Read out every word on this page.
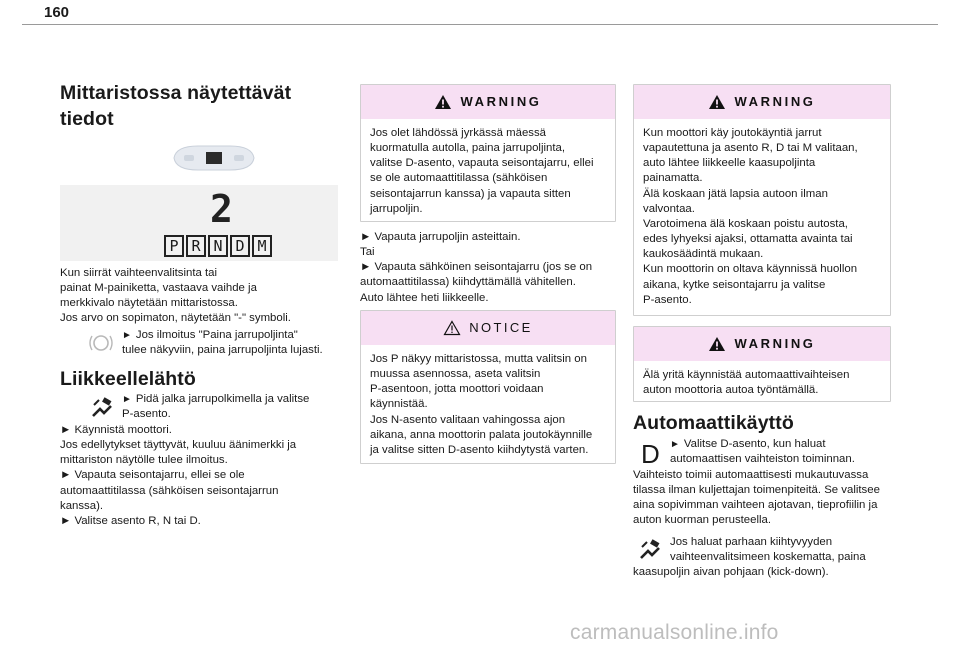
160
Mittaristossa näytettävät tiedot
2
P R N D M

Kun siirrät vaihteenvalitsinta tai

painat M-painiketta, vastaava vaihde ja

merkkivalo näytetään mittaristossa.

Jos arvo on sopimaton, näytetään "-" symboli.

► Jos ilmoitus "Paina jarrupoljinta"

tulee näkyviin, paina jarrupoljinta lujasti.

Liikkeellelähtö

► Pidä jalka jarrupolkimella ja valitse

P-asento.

► Käynnistä moottori.

Jos edellytykset täyttyvät, kuuluu äänimerkki ja

mittariston näytölle tulee ilmoitus.

► Vapauta seisontajarru, ellei se ole

automaattitilassa (sähköisen seisontajarrun

kanssa).

► Valitse asento R, N tai D.

WARNING

Jos olet lähdössä jyrkässä mäessä

kuormatulla autolla, paina jarrupoljinta,

valitse D-asento, vapauta seisontajarru, ellei

se ole automaattitilassa (sähköisen

seisontajarrun kanssa) ja vapauta sitten

jarrupoljin.

► Vapauta jarrupoljin asteittain.

Tai

► Vapauta sähköinen seisontajarru (jos se on

automaattitilassa) kiihdyttämällä vähitellen.

Auto lähtee heti liikkeelle.

NOTICE

Jos P näkyy mittaristossa, mutta valitsin on

muussa asennossa, aseta valitsin

P-asentoon, jotta moottori voidaan

käynnistää.

Jos N-asento valitaan vahingossa ajon

aikana, anna moottorin palata joutokäynnille

ja valitse sitten D-asento kiihdytystä varten.

WARNING

Kun moottori käy joutokäyntiä jarrut

vapautettuna ja asento R, D tai M valitaan,

auto lähtee liikkeelle kaasupoljinta

painamatta.

Älä koskaan jätä lapsia autoon ilman

valvontaa.

Varotoimena älä koskaan poistu autosta,

edes lyhyeksi ajaksi, ottamatta avainta tai

kaukosäädintä mukaan.

Kun moottorin on oltava käynnissä huollon

aikana, kytke seisontajarru ja valitse

P-asento.

WARNING

Älä yritä käynnistää automaattivaihteisen

auton moottoria autoa työntämällä.

Automaattikäyttö
D ► Valitse D-asento, kun haluat

automaattisen vaihteiston toiminnan.

Vaihteisto toimii automaattisesti mukautuvassa

tilassa ilman kuljettajan toimenpiteitä. Se valitsee

aina sopivimman vaihteen ajotavan, tieprofiilin ja

auton kuorman perusteella.

Jos haluat parhaan kiihtyvyyden

vaihteenvalitsimeen koskematta, paina

kaasupoljin aivan pohjaan (kick-down).

carmanualsonline.info
